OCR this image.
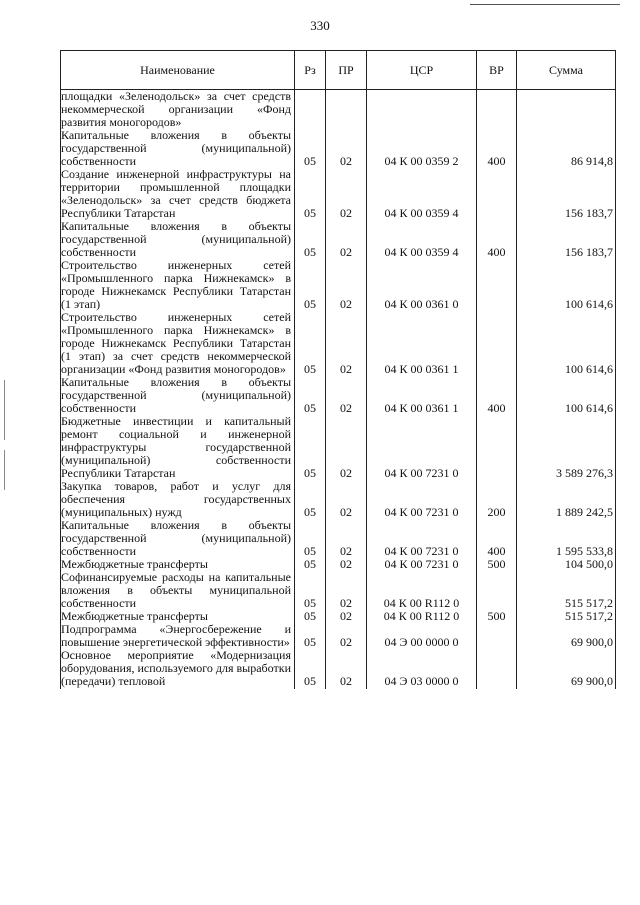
330
Наименование	Рз	ПР	ЦСР	ВР	Сумма
площадки «Зеленодольск» за счет средств некоммерческой организации «Фонд развития моногородов»					
Капитальные вложения в объекты государственной (муниципальной) собственности	05	02	04 К 00 0359 2	400	86 914,8
Создание инженерной инфраструктуры на территории промышленной площадки «Зеленодольск» за счет средств бюджета Республики Татарстан	05	02	04 К 00 0359 4		156 183,7
Капитальные вложения в объекты государственной (муниципальной) собственности	05	02	04 К 00 0359 4	400	156 183,7
Строительство инженерных сетей «Промышленного парка Нижнекамск» в городе Нижнекамск Республики Татарстан (1 этап)	05	02	04 К 00 0361 0		100 614,6
Строительство инженерных сетей «Промышленного парка Нижнекамск» в городе Нижнекамск Республики Татарстан (1 этап) за счет средств некоммерческой организации «Фонд развития моногородов»	05	02	04 К 00 0361 1		100 614,6
Капитальные вложения в объекты государственной (муниципальной) собственности	05	02	04 К 00 0361 1	400	100 614,6
Бюджетные инвестиции и капитальный ремонт социальной и инженерной инфраструктуры государственной (муниципальной) собственности Республики Татарстан	05	02	04 К 00 7231 0		3 589 276,3
Закупка товаров, работ и услуг для обеспечения государственных (муниципальных) нужд	05	02	04 К 00 7231 0	200	1 889 242,5
Капитальные вложения в объекты государственной (муниципальной) собственности	05	02	04 К 00 7231 0	400	1 595 533,8
Межбюджетные трансферты	05	02	04 К 00 7231 0	500	104 500,0
Софинансируемые расходы на капитальные вложения в объекты муниципальной собственности	05	02	04 К 00 R112 0		515 517,2
Межбюджетные трансферты	05	02	04 К 00 R112 0	500	515 517,2
Подпрограмма «Энергосбережение и повышение энергетической эффективности»	05	02	04 Э 00 0000 0		69 900,0
Основное мероприятие «Модернизация оборудования, используемого для выработки (передачи) тепловой	05	02	04 Э 03 0000 0		69 900,0
